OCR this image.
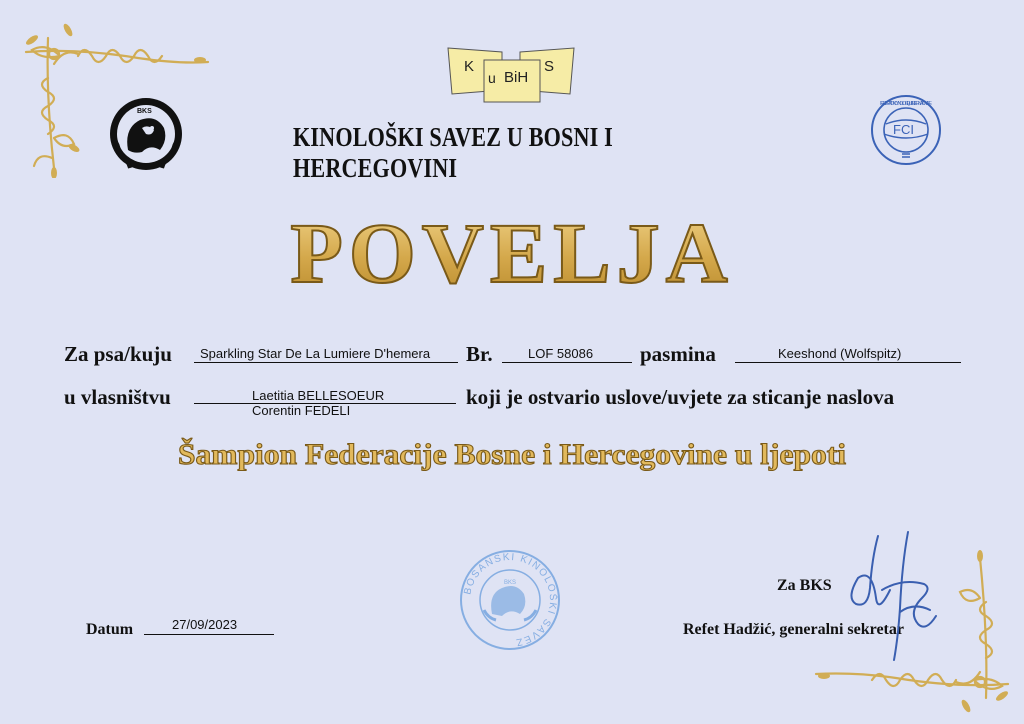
K
u BiH
S
BKS
FEDERATION CYNOLOGIQUE INTERNATIONALE
FCI
KINOLOŠKI SAVEZ U BOSNI I HERCEGOVINI
POVELJA
Za psa/kuju Sparkling Star De La Lumiere D'hemera Br.	LOF 58086 pasmina	Keeshond (Wolfspitz)
u vlasništvu	Laetitia BELLESOEUR
Corentin FEDELI
koji je ostvario uslove/uvjete za sticanje naslova
Šampion Federacije Bosne i Hercegovine u ljepoti
BOSANSKI KINOLOŠKI SAVEZ
BKS
Datum	27/09/2023
Za BKS
Refet Hadžić, generalni sekretar
